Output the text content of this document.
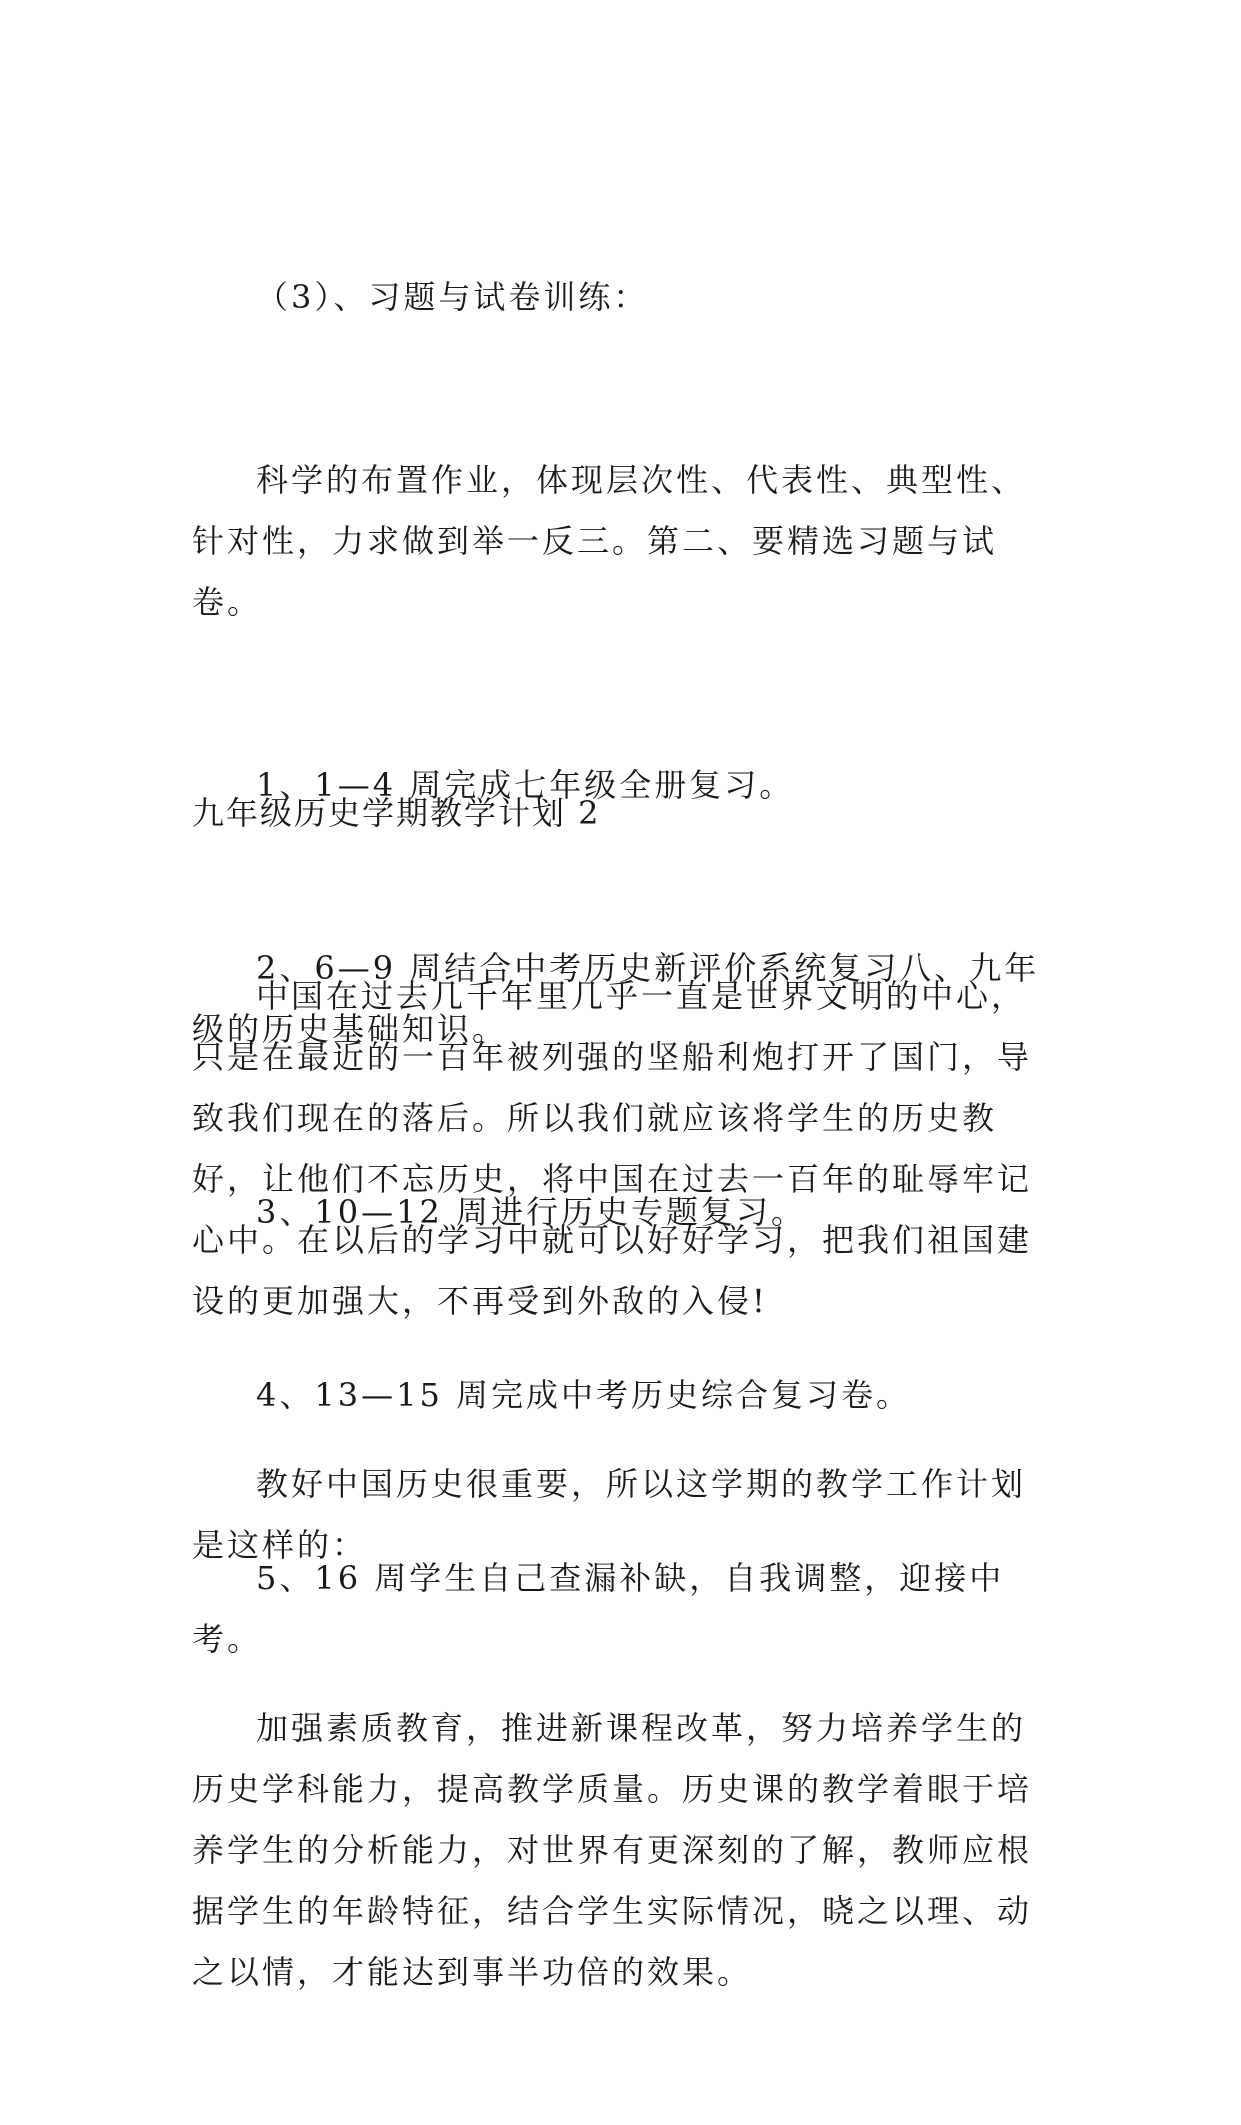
（3）、习题与试卷训练：

科学的布置作业，体现层次性、代表性、典型性、针对性，力求做到举一反三。第二、要精选习题与试卷。

1、1—4 周完成七年级全册复习。

2、6—9 周结合中考历史新评价系统复习八、九年级的历史基础知识。

3、10—12 周进行历史专题复习。

4、13—15 周完成中考历史综合复习卷。

5、16 周学生自己查漏补缺，自我调整，迎接中考。

九年级历史学期教学计划 2

中国在过去几千年里几乎一直是世界文明的中心，只是在最近的一百年被列强的坚船利炮打开了国门，导致我们现在的落后。所以我们就应该将学生的历史教好，让他们不忘历史，将中国在过去一百年的耻辱牢记心中。在以后的学习中就可以好好学习，把我们祖国建设的更加强大，不再受到外敌的入侵!

教好中国历史很重要，所以这学期的教学工作计划是这样的：

加强素质教育，推进新课程改革，努力培养学生的历史学科能力，提高教学质量。历史课的教学着眼于培养学生的分析能力，对世界有更深刻的了解，教师应根据学生的年龄特征，结合学生实际情况，晓之以理、动之以情，才能达到事半功倍的效果。
